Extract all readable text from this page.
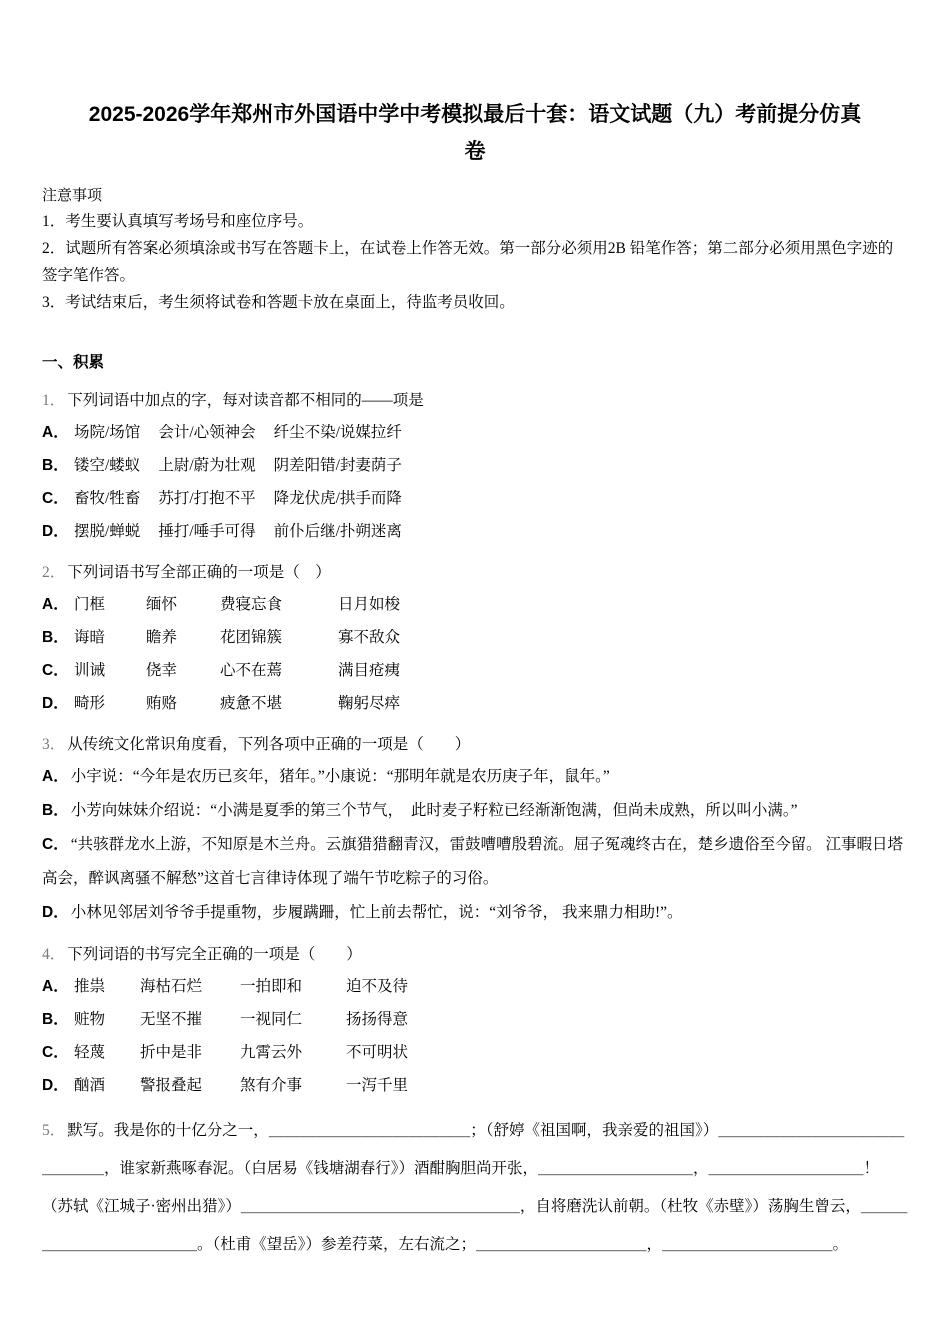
2025-2026学年郑州市外国语中学中考模拟最后十套：语文试题（九）考前提分仿真
卷

注意事项

1．考生要认真填写考场号和座位序号。

2．试题所有答案必须填涂或书写在答题卡上，在试卷上作答无效。第一部分必须用2B 铅笔作答；第二部分必须用黑色字迹的签字笔作答。

3．考试结束后，考生须将试卷和答题卡放在桌面上，待监考员收回。

一、积累

1． 下列词语中加点的字，每对读音都不相同的——项是

A． 场院/场馆 会计/心领神会 纤尘不染/说媒拉纤
B． 镂空/蝼蚁 上尉/蔚为壮观 阴差阳错/封妻荫子
C． 畜牧/牲畜 苏打/打抱不平 降龙伏虎/拱手而降
D． 摆脱/蝉蜕 捶打/唾手可得 前仆后继/扑朔迷离

2． 下列词语书写全部正确的一项是（　）

A． 门框	缅怀	费寝忘食	日月如梭
B． 诲暗	瞻养	花团锦簇	寡不敌众
C． 训诫	侥幸	心不在蔫	满目疮痍
D． 畸形	贿赂	疲惫不堪	鞠躬尽瘁

3． 从传统文化常识角度看，下列各项中正确的一项是（　　）

A． 小宇说：“今年是农历已亥年，猪年。”小康说：“那明年就是农历庚子年，鼠年。”

B． 小芳向妹妹介绍说：“小满是夏季的第三个节气，　此时麦子籽粒已经渐渐饱满，但尚未成熟，所以叫小满。”

C． “共骇群龙水上游，不知原是木兰舟。云旗猎猎翻青汉，雷鼓嘈嘈殷碧流。屈子冤魂终古在，楚乡遗俗至今留。 江事暇日塔高会，醉讽离骚不解愁”这首七言律诗体现了端午节吃粽子的习俗。

D． 小林见邻居刘爷爷手提重物，步履蹒跚，忙上前去帮忙，说：“刘爷爷， 我来鼎力相助!”。

4． 下列词语的书写完全正确的一项是（　　）

A． 推祟	海枯石烂	一拍即和	迫不及待
B． 赃物	无坚不摧	一视同仁	扬扬得意
C． 轻蔑	折中是非	九霄云外	不可明状
D． 酗酒	警报叠起	煞有介事	一泻千里

5． 默写。我是你的十亿分之一，＿＿＿＿＿＿＿＿＿＿＿＿＿；（舒婷《祖国啊，我亲爱的祖国》）＿＿＿＿＿＿＿＿＿＿＿＿＿＿＿＿，谁家新燕啄春泥。（白居易《钱塘湖春行》）酒酣胸胆尚开张，＿＿＿＿＿＿＿＿＿＿，＿＿＿＿＿＿＿＿＿＿！（苏轼《江城子·密州出猎》）＿＿＿＿＿＿＿＿＿＿＿＿＿＿＿＿＿＿，自将磨洗认前朝。（杜牧《赤壁》）荡胸生曾云，＿＿＿＿＿＿＿＿＿＿＿＿＿。（杜甫《望岳》）参差荇菜，左右流之；＿＿＿＿＿＿＿＿＿＿＿，＿＿＿＿＿＿＿＿＿＿＿。
